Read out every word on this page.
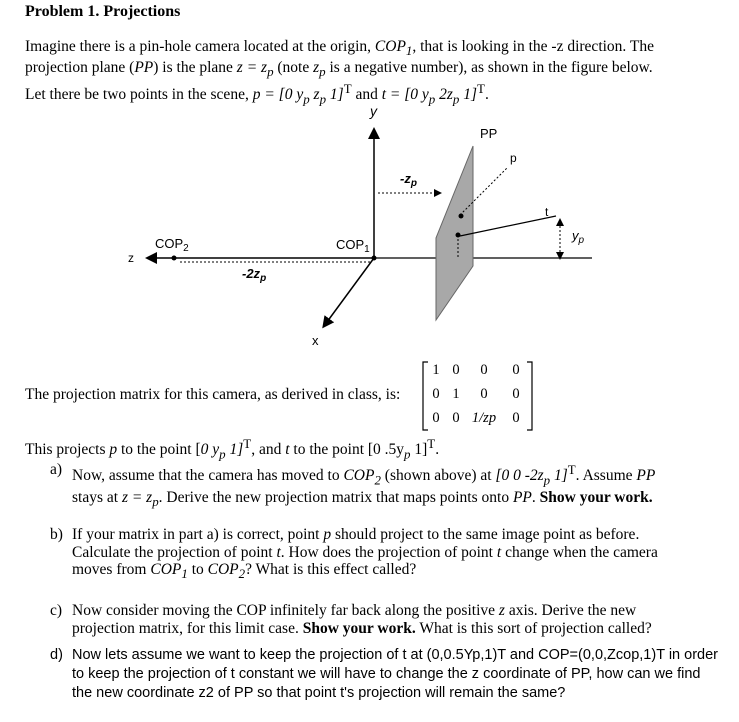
Problem 1. Projections
Imagine there is a pin-hole camera located at the origin, $COP_1$, that is looking in the -z direction. The
projection plane (PP) is the plane $z = z_p$ (note $z_p$ is a negative number), as shown in the figure below.
Let there be two points in the scene, p = [0 $y_p$ $z_p$ 1]$^T$ and t = [0 $y_p$ $2z_p$ 1]$^T$.
y
z
x
PP
p
t
$y_p$
$-z_p$
$COP_1$
$COP_2$
$-2z_p$
The projection matrix for this camera, as derived in class, is:
1 0	0	0
0 1	0	0
0 0 1/zp	0
This projects p to the point [0 $y_p$ 1]$^T$, and t to the point [0 $.5y_p$ 1]$^T$.
a) Now, assume that the camera has moved to $COP_2$ (shown above) at [0 0 $-2z_p$ 1]$^T$. Assume PP
stays at $z = z_p$. Derive the new projection matrix that maps points onto PP. Show your work.
b) If your matrix in part a) is correct, point p should project to the same image point as before.
Calculate the projection of point t. How does the projection of point t change when the camera
moves from $COP_1$ to $COP_2$? What is this effect called?
c) Now consider moving the COP infinitely far back along the positive z axis. Derive the new
projection matrix, for this limit case. Show your work. What is this sort of projection called?
d) Now lets assume we want to keep the projection of t at (0,0.5Yp,1)T and COP=(0,0,Zcop,1)T in order
to keep the projection of t constant we will have to change the z coordinate of PP, how can we find
the new coordinate z2 of PP so that point t's projection will remain the same?
